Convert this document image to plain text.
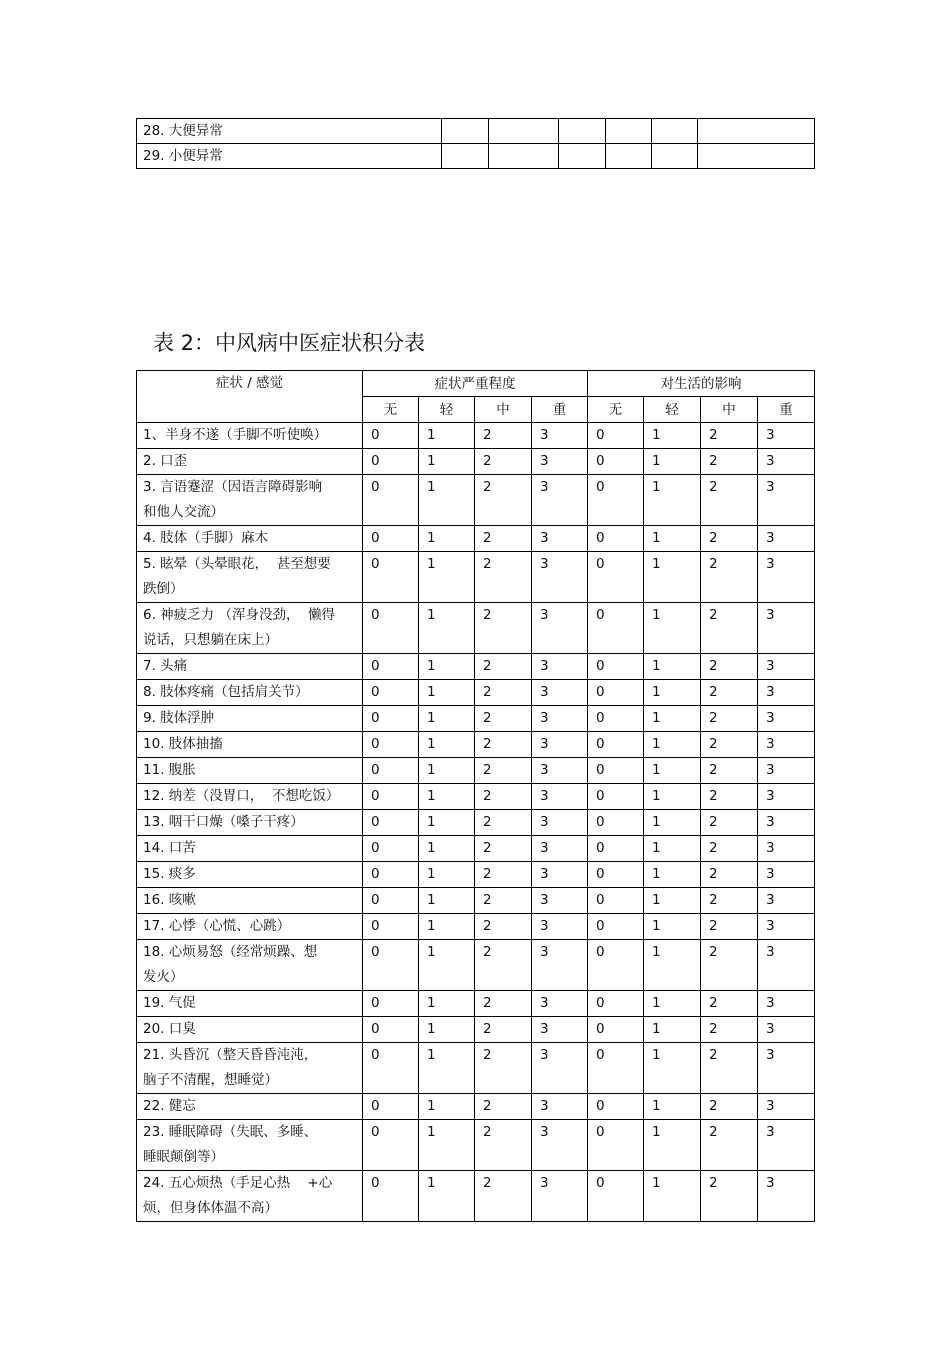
28. 大便异常						
29. 小便异常						
表 2：中风病中医症状积分表
症状 / 感觉	症状严重程度				对生活的影响			
	无	轻	中	重	无	轻	中	重

1、半身不遂（手脚不听使唤）	0	1	2	3	0	1	2	3

2. 口歪	0	1	2	3	0	1	2	3

3. 言语蹇涩（因语言障碍影响
和他人交流）	0	1	2	3	0	1	2	3

4. 肢体（手脚）麻木	0	1	2	3	0	1	2	3

5. 眩晕（头晕眼花，  甚至想要
跌倒）	0	1	2	3	0	1	2	3

6. 神疲乏力 （浑身没劲，  懒得
说话，只想躺在床上）	0	1	2	3	0	1	2	3

7. 头痛	0	1	2	3	0	1	2	3

8. 肢体疼痛（包括肩关节）	0	1	2	3	0	1	2	3

9. 肢体浮肿	0	1	2	3	0	1	2	3

10. 肢体抽搐	0	1	2	3	0	1	2	3

11. 腹胀	0	1	2	3	0	1	2	3

12. 纳差（没胃口，  不想吃饭）	0	1	2	3	0	1	2	3

13. 咽干口燥（嗓子干疼）	0	1	2	3	0	1	2	3

14. 口苦	0	1	2	3	0	1	2	3

15. 痰多	0	1	2	3	0	1	2	3

16. 咳嗽	0	1	2	3	0	1	2	3

17. 心悸（心慌、心跳）	0	1	2	3	0	1	2	3

18. 心烦易怒（经常烦躁、想
发火）	0	1	2	3	0	1	2	3

19. 气促	0	1	2	3	0	1	2	3

20. 口臭	0	1	2	3	0	1	2	3

21. 头昏沉（整天昏昏沌沌，
脑子不清醒，想睡觉）	0	1	2	3	0	1	2	3

22. 健忘	0	1	2	3	0	1	2	3

23. 睡眠障碍（失眠、多睡、
睡眠颠倒等）	0	1	2	3	0	1	2	3

24. 五心烦热（手足心热    +心
烦，但身体体温不高）	0	1	2	3	0	1	2	3
